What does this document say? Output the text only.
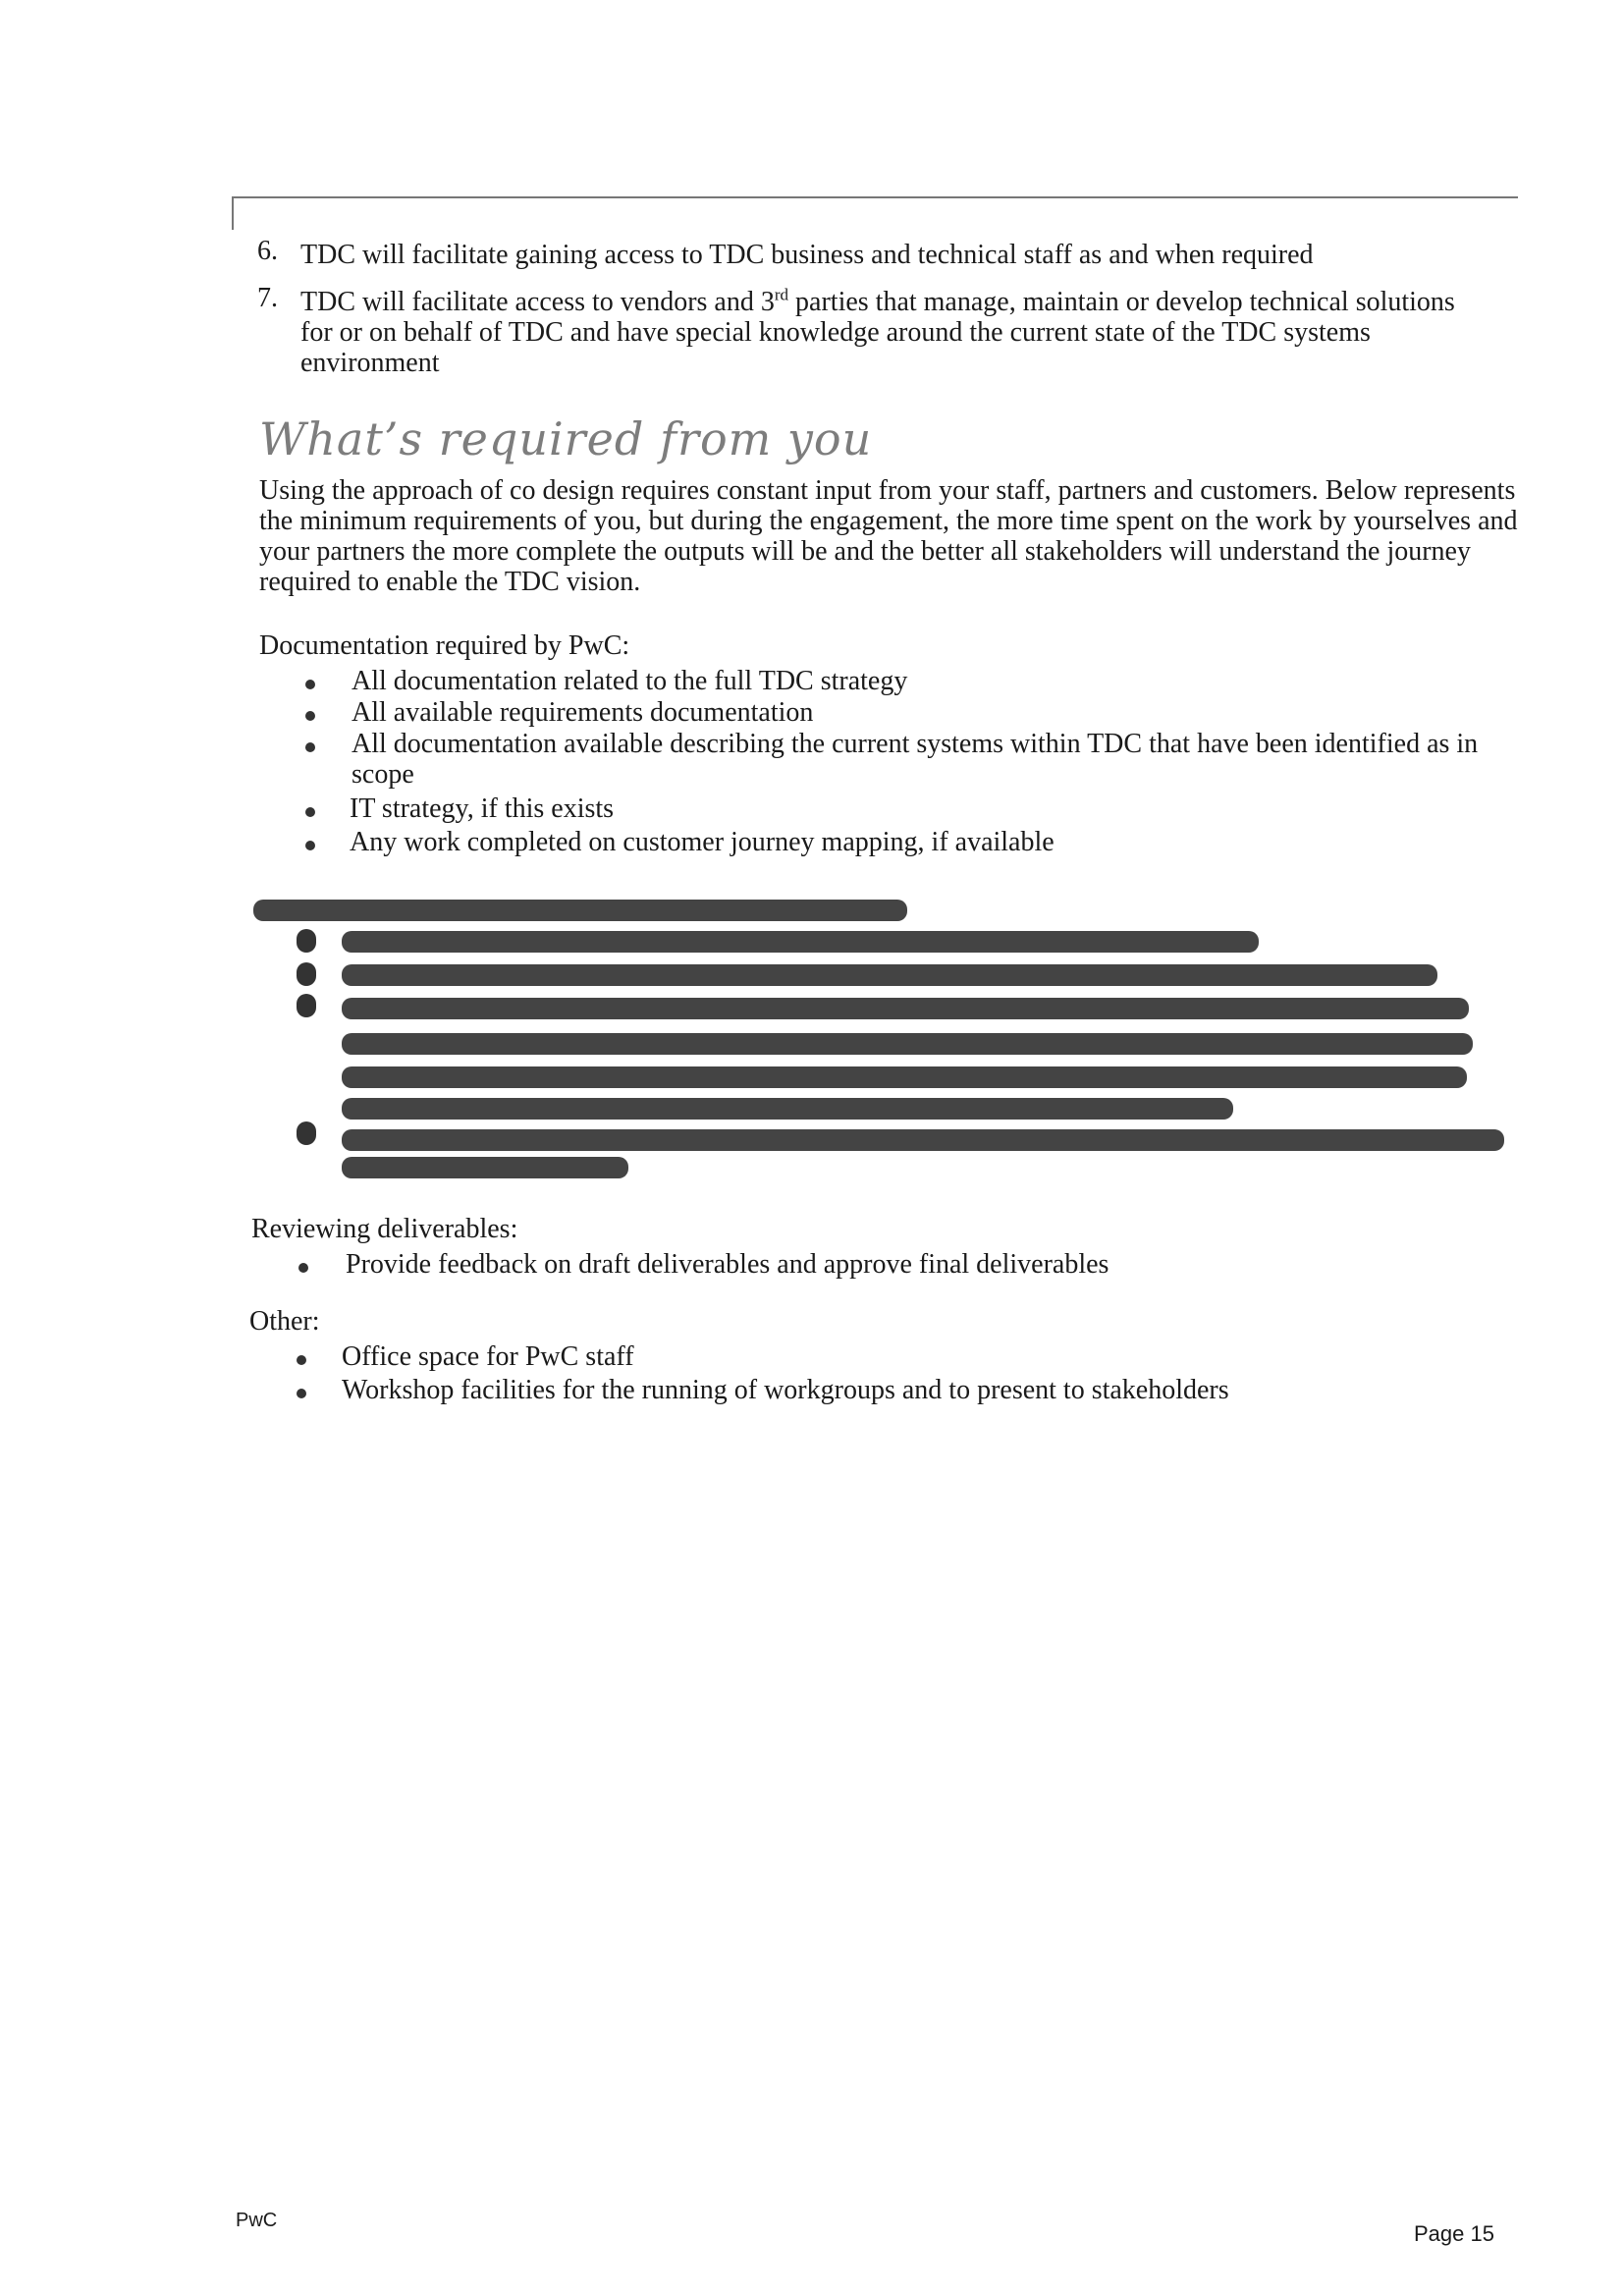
6. TDC will facilitate gaining access to TDC business and technical staff as and when required
7. TDC will facilitate access to vendors and 3rd parties that manage, maintain or develop technical solutions for or on behalf of TDC and have special knowledge around the current state of the TDC systems environment
What’s required from you
Using the approach of co design requires constant input from your staff, partners and customers. Below represents the minimum requirements of you, but during the engagement, the more time spent on the work by yourselves and your partners the more complete the outputs will be and the better all stakeholders will understand the journey required to enable the TDC vision.
Documentation required by PwC:
All documentation related to the full TDC strategy
All available requirements documentation
All documentation available describing the current systems within TDC that have been identified as in scope
IT strategy, if this exists
Any work completed on customer journey mapping, if available
Reviewing deliverables:
Provide feedback on draft deliverables and approve final deliverables
Other:
Office space for PwC staff
Workshop facilities for the running of workgroups and to present to stakeholders
PwC
Page 15
